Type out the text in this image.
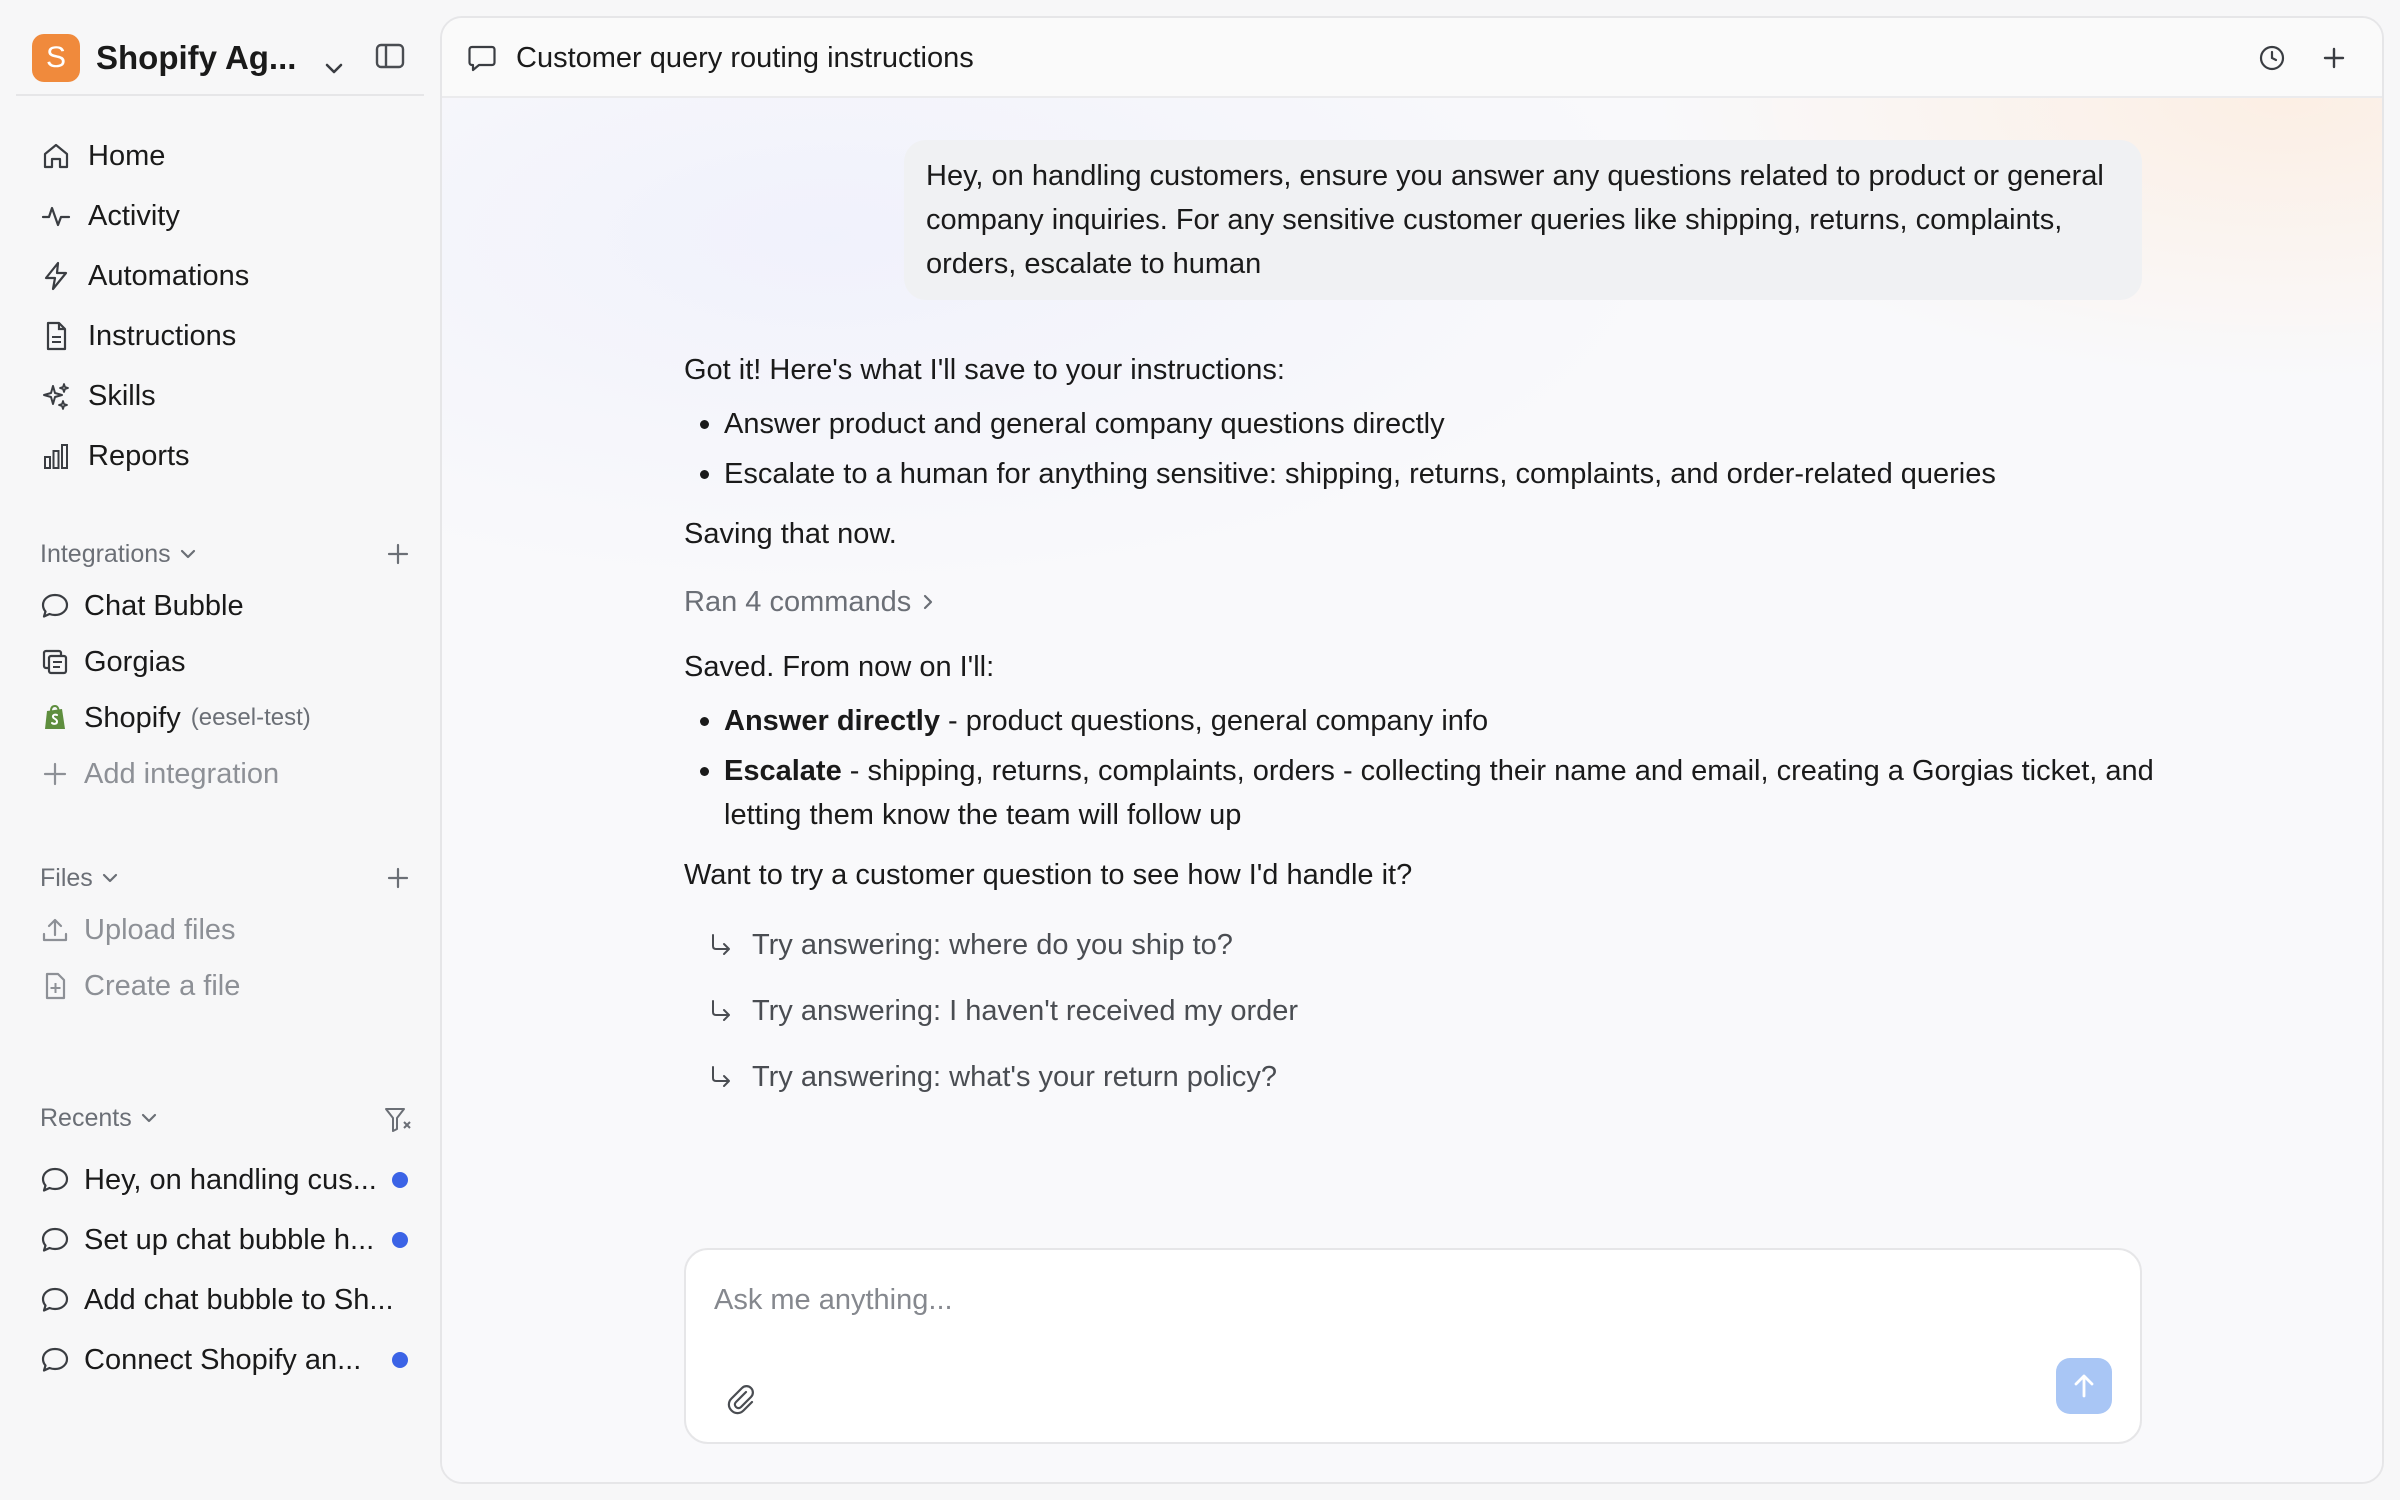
S Shopify Ag...
Home
Activity
Automations
Instructions
Skills
Reports
Integrations
Chat Bubble
Gorgias
Shopify (eesel-test)
Add integration
Files
Upload files
Create a file
Recents
Hey, on handling cus...
Set up chat bubble h...
Add chat bubble to Sh...
Connect Shopify an...
Customer query routing instructions
Hey, on handling customers, ensure you answer any questions related to product or general company inquiries. For any sensitive customer queries like shipping, returns, complaints, orders, escalate to human

Got it! Here's what I'll save to your instructions:

Answer product and general company questions directly
Escalate to a human for anything sensitive: shipping, returns, complaints, and order-related queries

Saving that now.

Ran 4 commands

Saved. From now on I'll:

Answer directly - product questions, general company info
Escalate - shipping, returns, complaints, orders - collecting their name and email, creating a Gorgias ticket, and letting them know the team will follow up

Want to try a customer question to see how I'd handle it?

Try answering: where do you ship to?
Try answering: I haven't received my order
Try answering: what's your return policy?
Ask me anything...
